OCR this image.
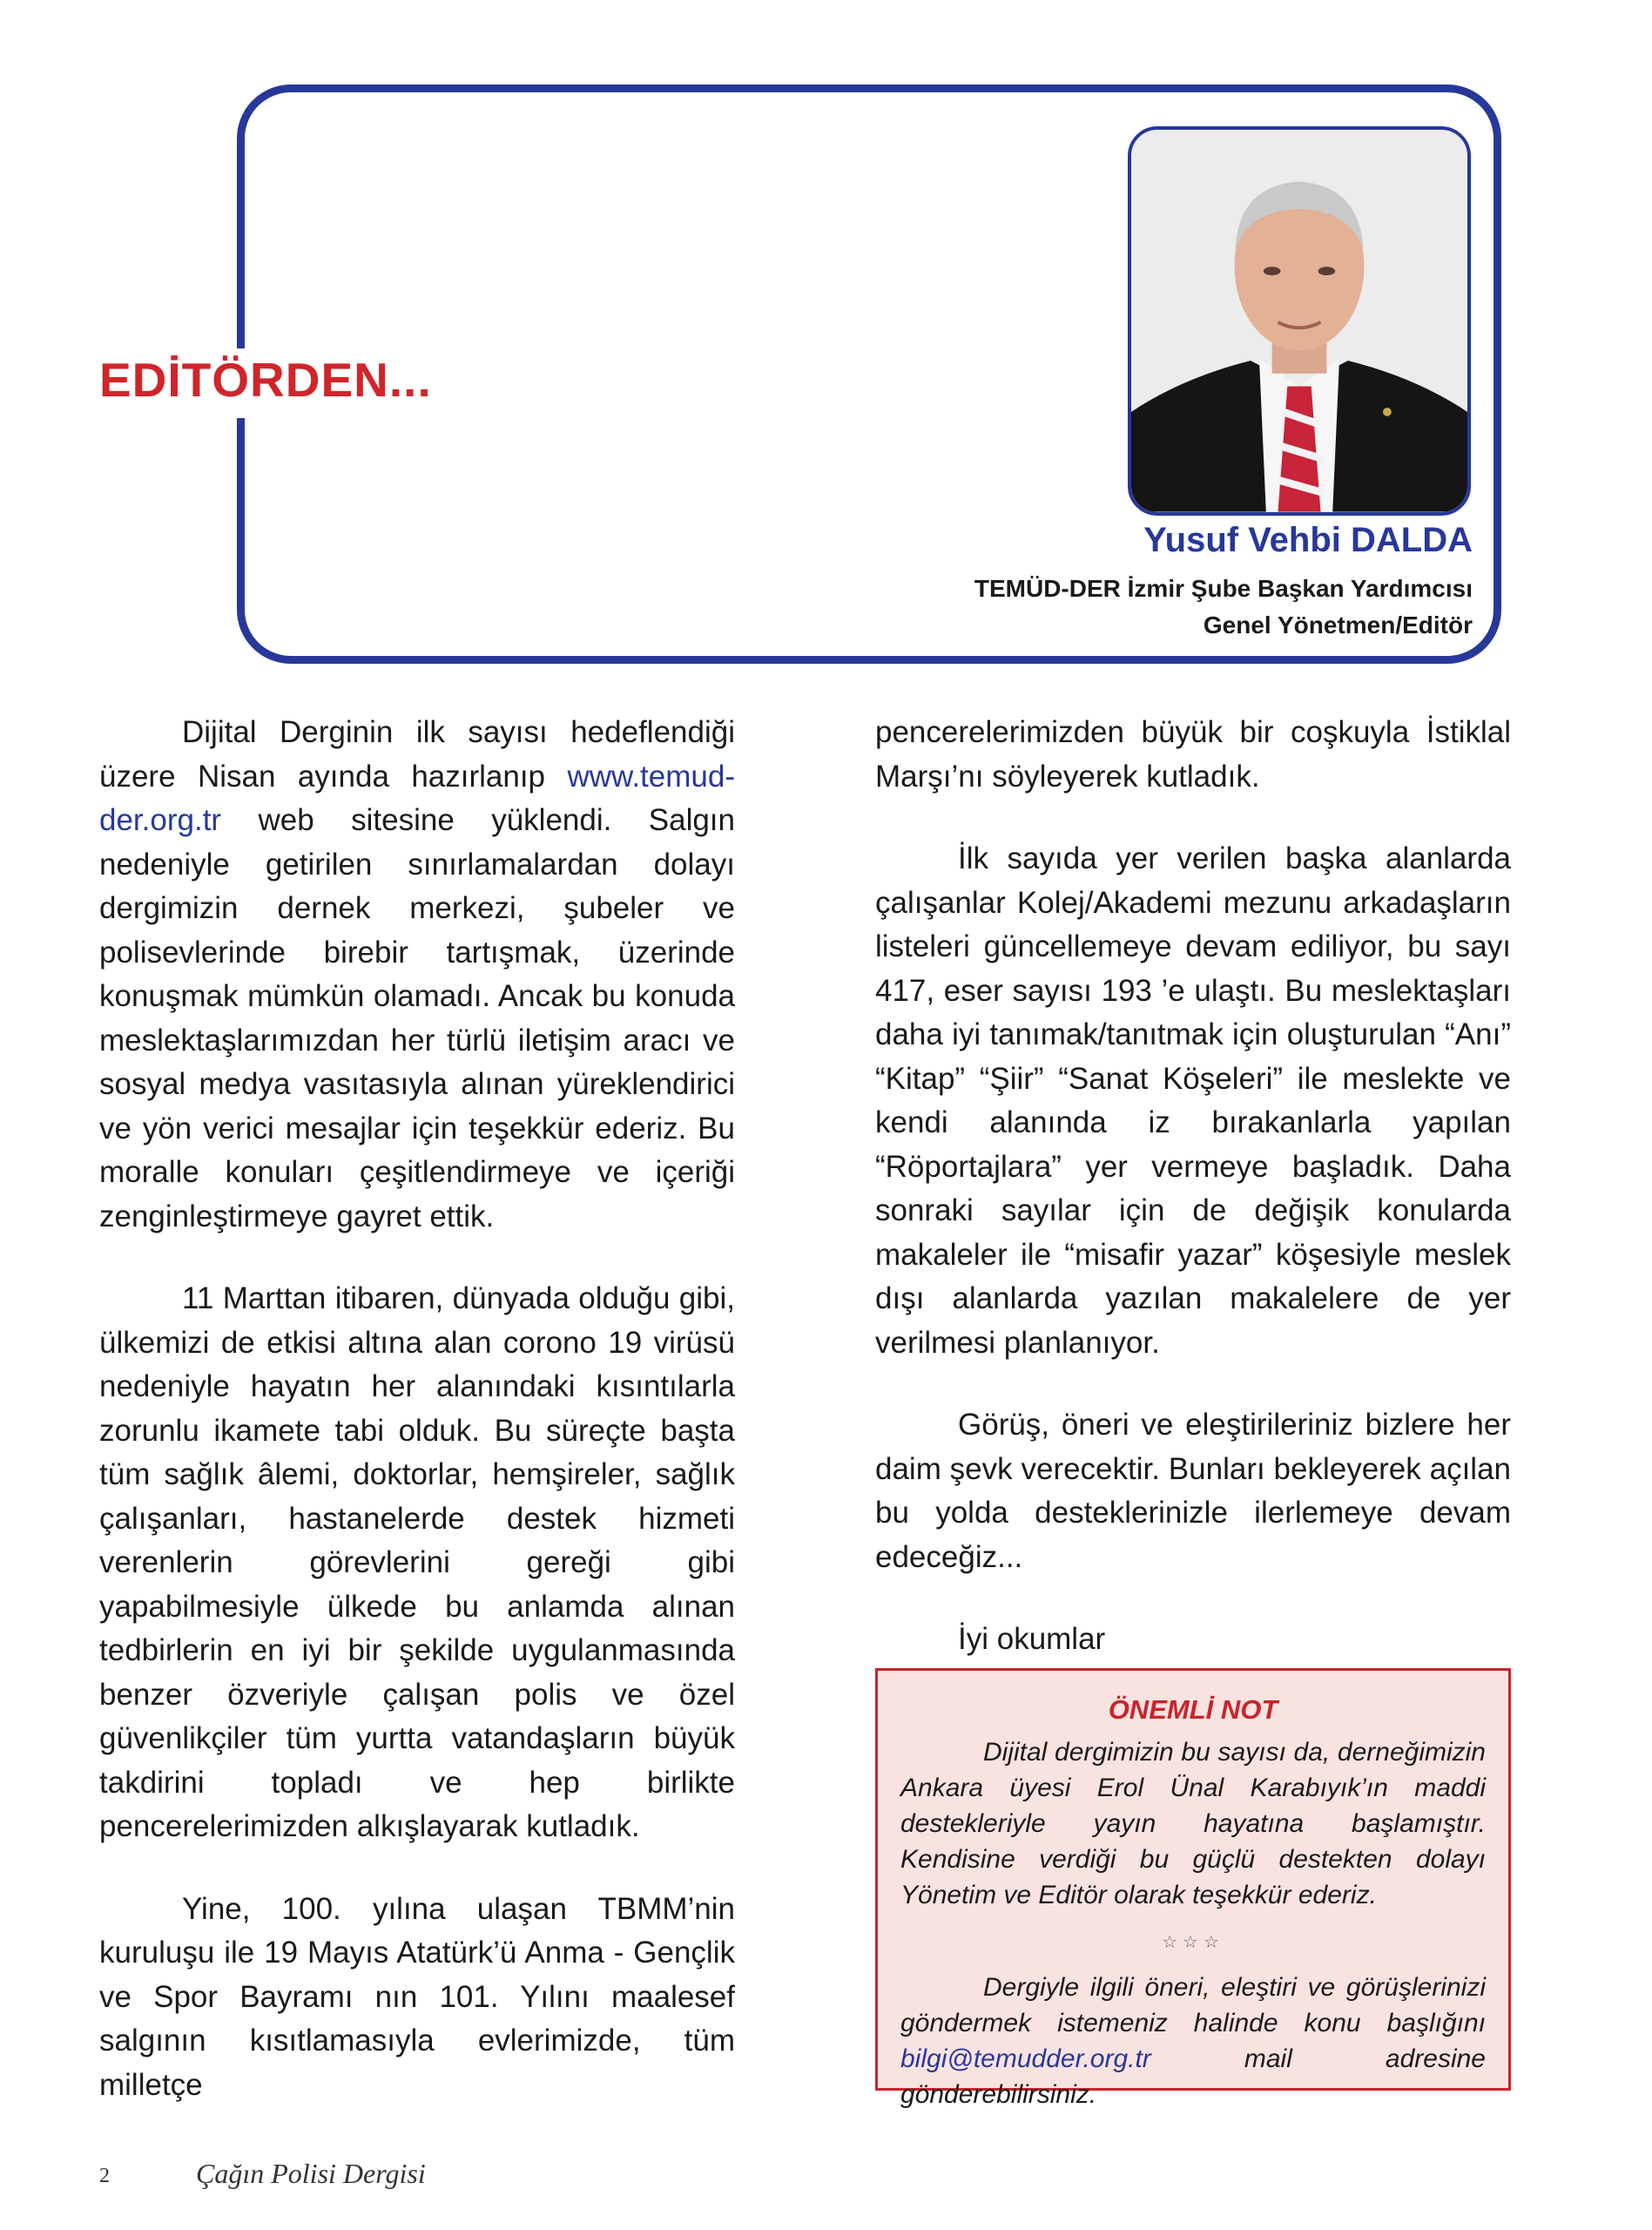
EDİTÖRDEN...
Yusuf Vehbi DALDA
TEMÜD-DER İzmir Şube Başkan Yardımcısı
Genel Yönetmen/Editör

Dijital Derginin ilk sayısı hedeflendiği üzere Nisan ayında hazırlanıp www.temud-der.org.tr web sitesine yüklendi. Salgın nedeniyle getirilen sınırlamalardan dolayı dergimizin dernek merkezi, şubeler ve polisevlerinde birebir tartışmak, üzerinde konuşmak mümkün olamadı. Ancak bu konuda meslektaşlarımızdan her türlü iletişim aracı ve sosyal medya vasıtasıyla alınan yüreklendirici ve yön verici mesajlar için teşekkür ederiz. Bu moralle konuları çeşitlendirmeye ve içeriği zenginleştirmeye gayret ettik.

11 Marttan itibaren, dünyada olduğu gibi, ülkemizi de etkisi altına alan corono 19 virüsü nedeniyle hayatın her alanındaki kısıntılarla zorunlu ikamete tabi olduk. Bu süreçte başta tüm sağlık âlemi, doktorlar, hemşireler, sağlık çalışanları, hastanelerde destek hizmeti verenlerin görevlerini gereği gibi yapabilmesiyle ülkede bu anlamda alınan tedbirlerin en iyi bir şekilde uygulanmasında benzer özveriyle çalışan polis ve özel güvenlikçiler tüm yurtta vatandaşların büyük takdirini topladı ve hep birlikte pencerelerimizden alkışlayarak kutladık.

Yine, 100. yılına ulaşan TBMM’nin kuruluşu ile 19 Mayıs Atatürk’ü Anma - Gençlik ve Spor Bayramı nın 101. Yılını maalesef salgının kısıtlamasıyla evlerimizde, tüm milletçe

pencerelerimizden büyük bir coşkuyla İstiklal Marşı’nı söyleyerek kutladık.

İlk sayıda yer verilen başka alanlarda çalışanlar Kolej/Akademi mezunu arkadaşların listeleri güncellemeye devam ediliyor, bu sayı 417, eser sayısı 193 ’e ulaştı. Bu meslektaşları daha iyi tanımak/tanıtmak için oluşturulan “Anı” “Kitap” “Şiir” “Sanat Köşeleri” ile meslekte ve kendi alanında iz bırakanlarla yapılan “Röportajlara” yer vermeye başladık. Daha sonraki sayılar için de değişik konularda makaleler ile “misafir yazar” köşesiyle meslek dışı alanlarda yazılan makalelere de yer verilmesi planlanıyor.

Görüş, öneri ve eleştirileriniz bizlere her daim şevk verecektir. Bunları bekleyerek açılan bu yolda desteklerinizle ilerlemeye devam edeceğiz...

İyi okumlar

ÖNEMLİ NOT

Dijital dergimizin bu sayısı da, derneğimizin Ankara üyesi Erol Ünal Karabıyık’ın maddi destekleriyle yayın hayatına başlamıştır. Kendisine verdiği bu güçlü destekten dolayı Yönetim ve Editör olarak teşekkür ederiz.

☆☆☆

Dergiyle ilgili öneri, eleştiri ve görüşlerinizi göndermek istemeniz halinde konu başlığını bilgi@temudder.org.tr mail adresine gönderebilirsiniz.

2	Çağın Polisi Dergisi
